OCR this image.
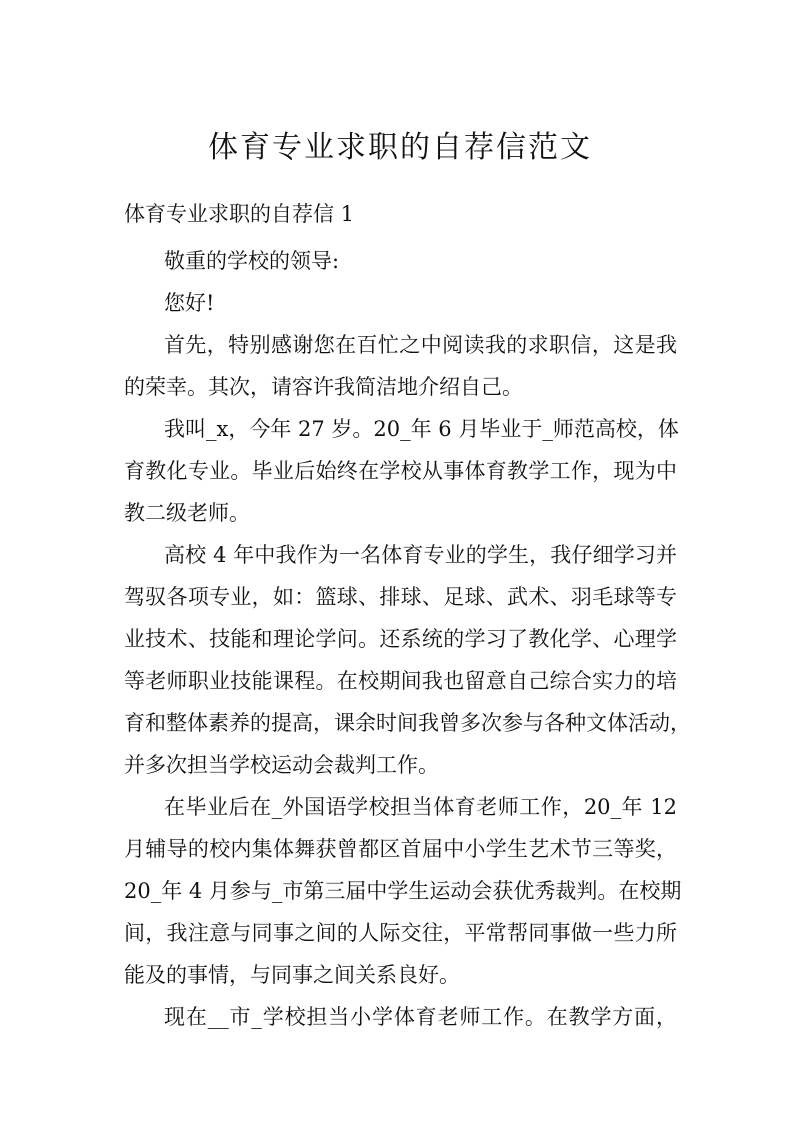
体育专业求职的自荐信范文

体育专业求职的自荐信 1

敬重的学校的领导:

您好!

首先，特别感谢您在百忙之中阅读我的求职信，这是我

的荣幸。其次，请容许我简洁地介绍自己。

我叫_x，今年 27 岁。20_年 6 月毕业于_师范高校，体

育教化专业。毕业后始终在学校从事体育教学工作，现为中

教二级老师。

高校 4 年中我作为一名体育专业的学生，我仔细学习并

驾驭各项专业，如：篮球、排球、足球、武术、羽毛球等专

业技术、技能和理论学问。还系统的学习了教化学、心理学

等老师职业技能课程。在校期间我也留意自己综合实力的培

育和整体素养的提高，课余时间我曾多次参与各种文体活动，

并多次担当学校运动会裁判工作。

在毕业后在_外国语学校担当体育老师工作，20_年 12

月辅导的校内集体舞获曾都区首届中小学生艺术节三等奖，

20_年 4 月参与_市第三届中学生运动会获优秀裁判。在校期

间，我注意与同事之间的人际交往，平常帮同事做一些力所

能及的事情，与同事之间关系良好。

现在__市_学校担当小学体育老师工作。在教学方面，
